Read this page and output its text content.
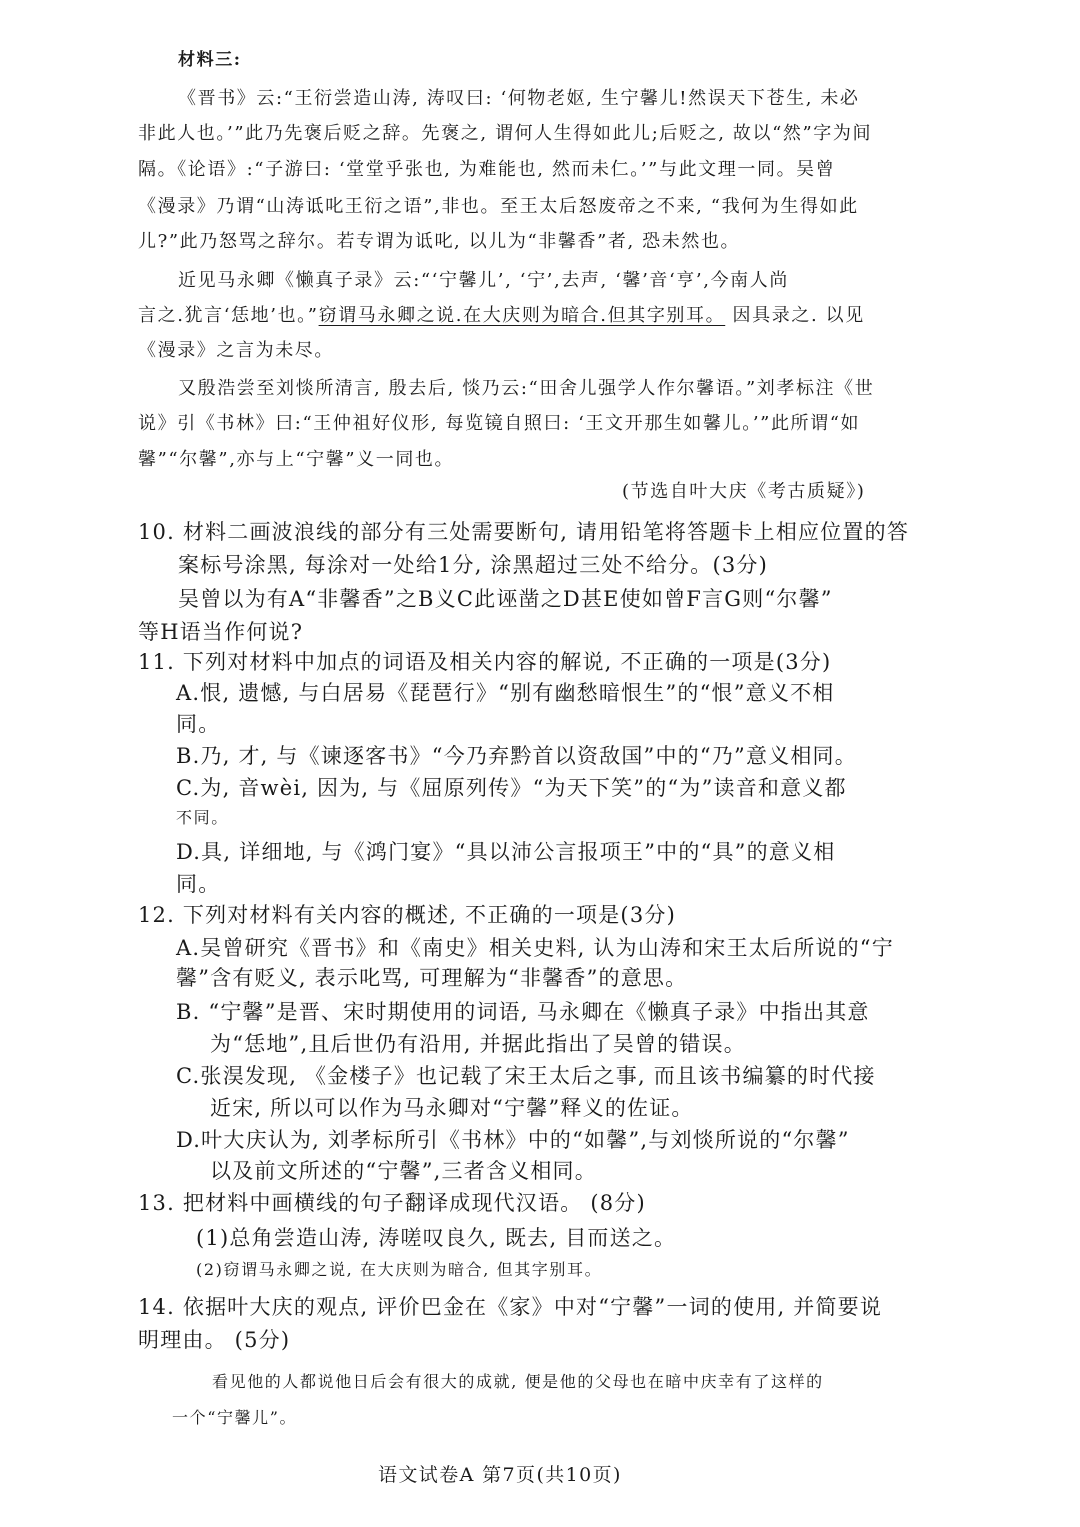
材料三:
《晋书》云:“王衍尝造山涛, 涛叹曰: ‘何物老妪, 生宁馨儿!然误天下苍生, 未必
非此人也。’”此乃先褒后贬之辞。先褒之, 谓何人生得如此儿;后贬之, 故以“然”字为间
隔。《论语》:“子游曰: ‘堂堂乎张也, 为难能也, 然而未仁。’”与此文理一同。吴曾
《漫录》乃谓“山涛诋叱王衍之语”,非也。至王太后怒废帝之不来, “我何为生得如此
儿?”此乃怒骂之辞尔。若专谓为诋叱, 以儿为“非馨香”者, 恐未然也。
近见马永卿《懒真子录》云:“‘宁馨儿’, ‘宁’,去声, ‘馨’音‘亨’,今南人尚
言之.犹言‘恁地’也。”窃谓马永卿之说.在大庆则为暗合.但其字别耳。 因具录之. 以见
《漫录》之言为未尽。
又殷浩尝至刘惔所清言, 殷去后, 惔乃云:“田舍儿强学人作尔馨语。”刘孝标注《世
说》引《书林》曰:“王仲祖好仪形, 每览镜自照曰: ‘王文开那生如馨儿。’”此所谓“如
馨”“尔馨”,亦与上“宁馨”义一同也。
(节选自叶大庆《考古质疑》)
10. 材料二画波浪线的部分有三处需要断句, 请用铅笔将答题卡上相应位置的答
案标号涂黑, 每涂对一处给1分, 涂黑超过三处不给分。(3分)
吴曾以为有A“非馨香”之B义C此诬凿之D甚E使如曾F言G则“尔馨”
等H语当作何说?
11. 下列对材料中加点的词语及相关内容的解说, 不正确的一项是(3分)
A.恨, 遗憾, 与白居易《琵琶行》“别有幽愁暗恨生”的“恨”意义不相
同。
B.乃, 才, 与《谏逐客书》“今乃弃黔首以资敌国”中的“乃”意义相同。
C.为, 音wèi, 因为, 与《屈原列传》“为天下笑”的“为”读音和意义都
不同。
D.具, 详细地, 与《鸿门宴》“具以沛公言报项王”中的“具”的意义相
同。
12. 下列对材料有关内容的概述, 不正确的一项是(3分)
A.吴曾研究《晋书》和《南史》相关史料, 认为山涛和宋王太后所说的“宁
馨”含有贬义, 表示叱骂, 可理解为“非馨香”的意思。
B. “宁馨”是晋、宋时期使用的词语, 马永卿在《懒真子录》中指出其意
为“恁地”,且后世仍有沿用, 并据此指出了吴曾的错误。
C.张淏发现, 《金楼子》也记载了宋王太后之事, 而且该书编纂的时代接
近宋, 所以可以作为马永卿对“宁馨”释义的佐证。
D.叶大庆认为, 刘孝标所引《书林》中的“如馨”,与刘惔所说的“尔馨”
以及前文所述的“宁馨”,三者含义相同。
13. 把材料中画横线的句子翻译成现代汉语。 (8分)
(1)总角尝造山涛, 涛嗟叹良久, 既去, 目而送之。
(2)窃谓马永卿之说, 在大庆则为暗合, 但其字别耳。
14. 依据叶大庆的观点, 评价巴金在《家》中对“宁馨”一词的使用, 并简要说
明理由。 (5分)
看见他的人都说他日后会有很大的成就, 便是他的父母也在暗中庆幸有了这样的
一个“宁馨儿”。
语文试卷A 第7页(共10页)
